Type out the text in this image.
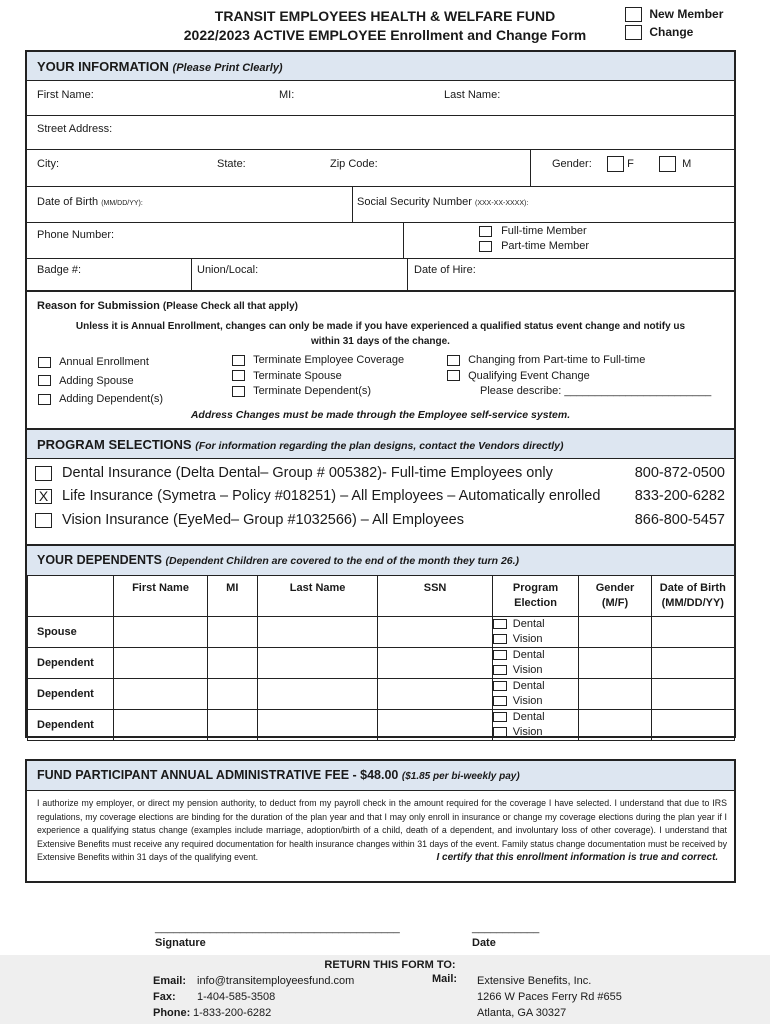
TRANSIT EMPLOYEES HEALTH & WELFARE FUND
2022/2023 ACTIVE EMPLOYEE Enrollment and Change Form
New Member
Change
YOUR INFORMATION (Please Print Clearly)
First Name:	MI:	Last Name:
Street Address:
City:	State:	Zip Code:	Gender:	F	M
Date of Birth (MM/DD/YY):	Social Security Number (XXX-XX-XXXX):
Phone Number:	Full-time Member
Part-time Member
Badge #:	Union/Local:	Date of Hire:
Reason for Submission (Please Check all that apply)
Unless it is Annual Enrollment, changes can only be made if you have experienced a qualified status event change and notify us
within 31 days of the change.
Annual Enrollment
Adding Spouse
Adding Dependent(s)
Terminate Employee Coverage
Terminate Spouse
Terminate Dependent(s)
Changing from Part-time to Full-time
Qualifying Event Change
Please describe: ________________________
Address Changes must be made through the Employee self-service system.
PROGRAM SELECTIONS (For information regarding the plan designs, contact the Vendors directly)
Dental Insurance (Delta Dental– Group # 005382)- Full-time Employees only	800-872-0500
X Life Insurance (Symetra – Policy #018251) – All Employees – Automatically enrolled 833-200-6282
Vision Insurance (EyeMed– Group #1032566) – All Employees	866-800-5457
YOUR DEPENDENTS (Dependent Children are covered to the end of the month they turn 26.)
	First Name	MI	Last Name	SSN	Program Election	Gender (M/F)	Date of Birth (MM/DD/YY)
Spouse					Dental
Vision		

Dependent					Dental
Vision		

Dependent					Dental
Vision		

Dependent					Dental
Vision		

FUND PARTICIPANT ANNUAL ADMINISTRATIVE FEE - $48.00 ($1.85 per bi-weekly pay)
I authorize my employer, or direct my pension authority, to deduct from my payroll check in the amount required for the coverage I have selected. I understand that due to IRS regulations, my coverage elections are binding for the duration of the plan year and that I may only enroll in insurance or change my coverage elections during the plan year if I experience a qualifying status change (examples include marriage, adoption/birth of a child, death of a dependent, and involuntary loss of other coverage). I understand that Extensive Benefits must receive any required documentation for health insurance changes within 31 days of the event. Family status change documentation must be received by Extensive Benefits within 31 days of the qualifying event.	I certify that this enrollment information is true and correct.
________________________________________	___________
Signature	Date
RETURN THIS FORM TO:
Email: info@transitemployeesfund.com
Fax: 1-404-585-3508
Phone: 1-833-200-6282
Mail: Extensive Benefits, Inc.
1266 W Paces Ferry Rd #655
Atlanta, GA 30327
